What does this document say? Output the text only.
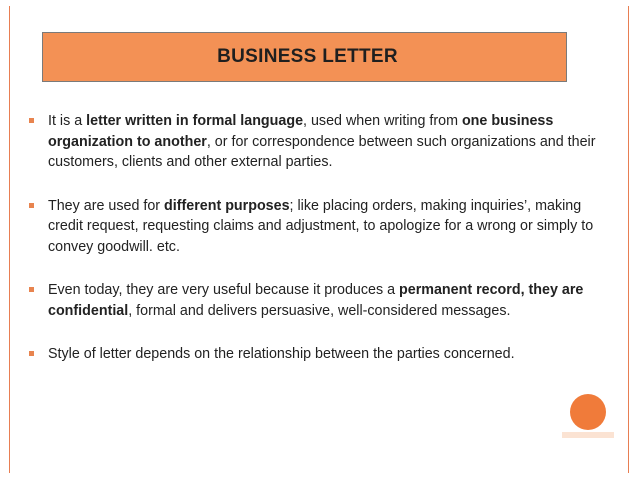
BUSINESS LETTER
It is a letter written in formal language, used when writing from one business organization to another, or for correspondence between such organizations and their customers, clients and other external parties.
They are used for different purposes; like placing orders, making inquiries’, making credit request, requesting claims and adjustment, to apologize for a wrong or simply to convey goodwill. etc.
Even today, they are very useful because it produces a permanent record, they are confidential, formal and delivers persuasive, well-considered messages.
Style of letter depends on the relationship between the parties concerned.
